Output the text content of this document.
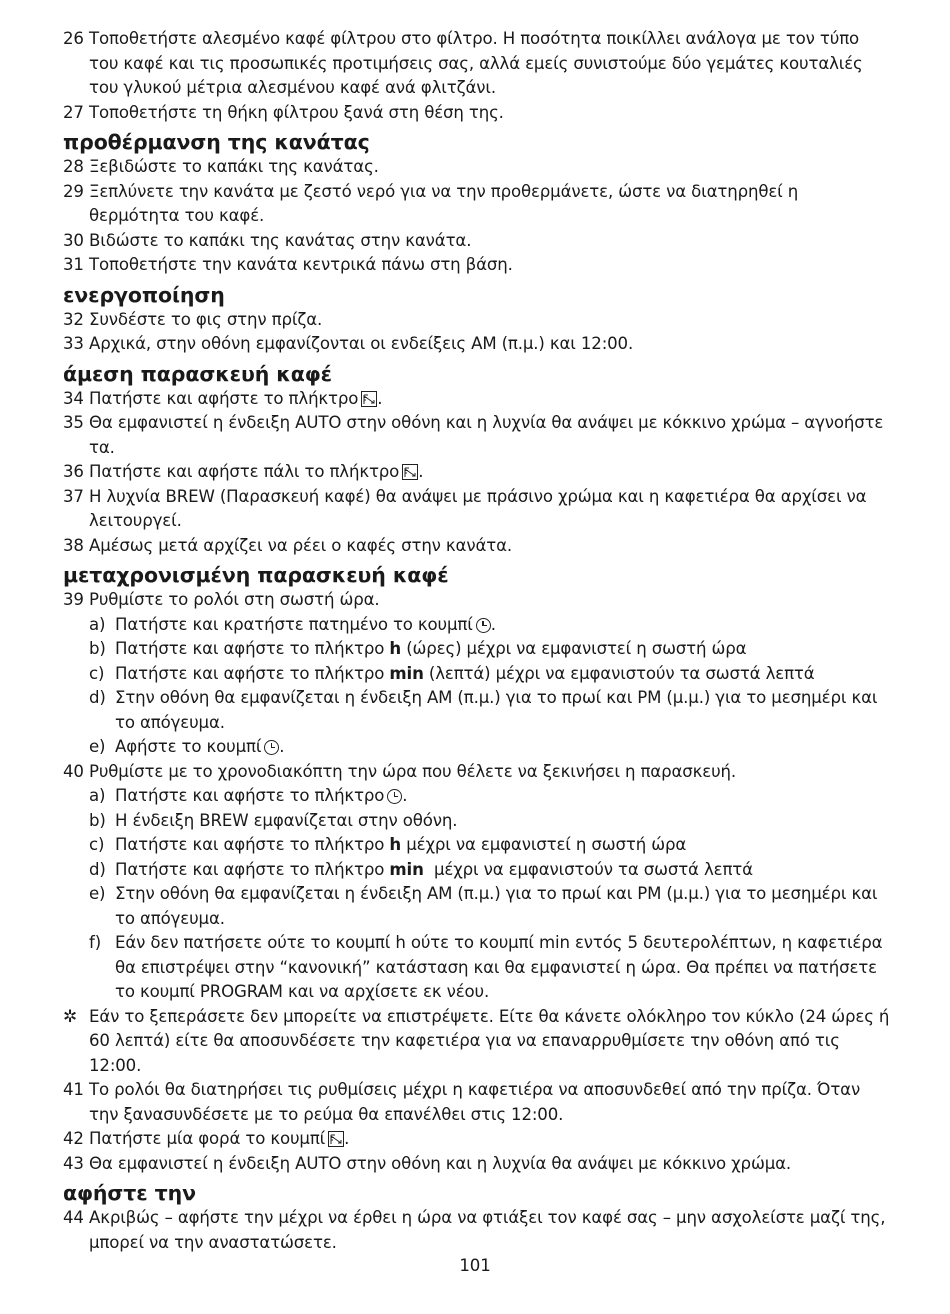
26 Τοποθετήστε αλεσμένο καφέ φίλτρου στο φίλτρο. Η ποσότητα ποικίλλει ανάλογα με τον τύπο του καφέ και τις προσωπικές προτιμήσεις σας, αλλά εμείς συνιστούμε δύο γεμάτες κουταλιές του γλυκού μέτρια αλεσμένου καφέ ανά φλιτζάνι.
27 Τοποθετήστε τη θήκη φίλτρου ξανά στη θέση της.
προθέρμανση της κανάτας
28 Ξεβιδώστε το καπάκι της κανάτας.
29 Ξεπλύνετε την κανάτα με ζεστό νερό για να την προθερμάνετε, ώστε να διατηρηθεί η θερμότητα του καφέ.
30 Βιδώστε το καπάκι της κανάτας στην κανάτα.
31 Τοποθετήστε την κανάτα κεντρικά πάνω στη βάση.
ενεργοποίηση
32 Συνδέστε το φις στην πρίζα.
33 Αρχικά, στην οθόνη εμφανίζονται οι ενδείξεις AM (π.μ.) και 12:00.
άμεση παρασκευή καφέ
34 Πατήστε και αφήστε το πλήκτρο .
35 Θα εμφανιστεί η ένδειξη AUTO στην οθόνη και η λυχνία θα ανάψει με κόκκινο χρώμα – αγνοήστε τα.
36 Πατήστε και αφήστε πάλι το πλήκτρο .
37 Η λυχνία BREW (Παρασκευή καφέ) θα ανάψει με πράσινο χρώμα και η καφετιέρα θα αρχίσει να λειτουργεί.
38 Αμέσως μετά αρχίζει να ρέει ο καφές στην κανάτα.
μεταχρονισμένη παρασκευή καφέ
39 Ρυθμίστε το ρολόι στη σωστή ώρα.
a) Πατήστε και κρατήστε πατημένο το κουμπί .
b) Πατήστε και αφήστε το πλήκτρο h (ώρες) μέχρι να εμφανιστεί η σωστή ώρα
c) Πατήστε και αφήστε το πλήκτρο min (λεπτά) μέχρι να εμφανιστούν τα σωστά λεπτά
d) Στην οθόνη θα εμφανίζεται η ένδειξη AM (π.μ.) για το πρωί και PM (μ.μ.) για το μεσημέρι και το απόγευμα.
e) Αφήστε το κουμπί .
40 Ρυθμίστε με το χρονοδιακόπτη την ώρα που θέλετε να ξεκινήσει η παρασκευή.
a) Πατήστε και αφήστε το πλήκτρο .
b) Η ένδειξη BREW εμφανίζεται στην οθόνη.
c) Πατήστε και αφήστε το πλήκτρο h μέχρι να εμφανιστεί η σωστή ώρα
d) Πατήστε και αφήστε το πλήκτρο min  μέχρι να εμφανιστούν τα σωστά λεπτά
e) Στην οθόνη θα εμφανίζεται η ένδειξη AM (π.μ.) για το πρωί και PM (μ.μ.) για το μεσημέρι και το απόγευμα.
f) Εάν δεν πατήσετε ούτε το κουμπί h ούτε το κουμπί min εντός 5 δευτερολέπτων, η καφετιέρα θα επιστρέψει στην “κανονική” κατάσταση και θα εμφανιστεί η ώρα. Θα πρέπει να πατήσετε το κουμπί PROGRAM και να αρχίσετε εκ νέου.
✲ Εάν το ξεπεράσετε δεν μπορείτε να επιστρέψετε. Είτε θα κάνετε ολόκληρο τον κύκλο (24 ώρες ή 60 λεπτά) είτε θα αποσυνδέσετε την καφετιέρα για να επαναρρυθμίσετε την οθόνη από τις 12:00.
41 Το ρολόι θα διατηρήσει τις ρυθμίσεις μέχρι η καφετιέρα να αποσυνδεθεί από την πρίζα. Όταν την ξανασυνδέσετε με το ρεύμα θα επανέλθει στις 12:00.
42 Πατήστε μία φορά το κουμπί .
43 Θα εμφανιστεί η ένδειξη AUTO στην οθόνη και η λυχνία θα ανάψει με κόκκινο χρώμα.
αφήστε την
44 Ακριβώς – αφήστε την μέχρι να έρθει η ώρα να φτιάξει τον καφέ σας – μην ασχολείστε μαζί της, μπορεί να την αναστατώσετε.
101
